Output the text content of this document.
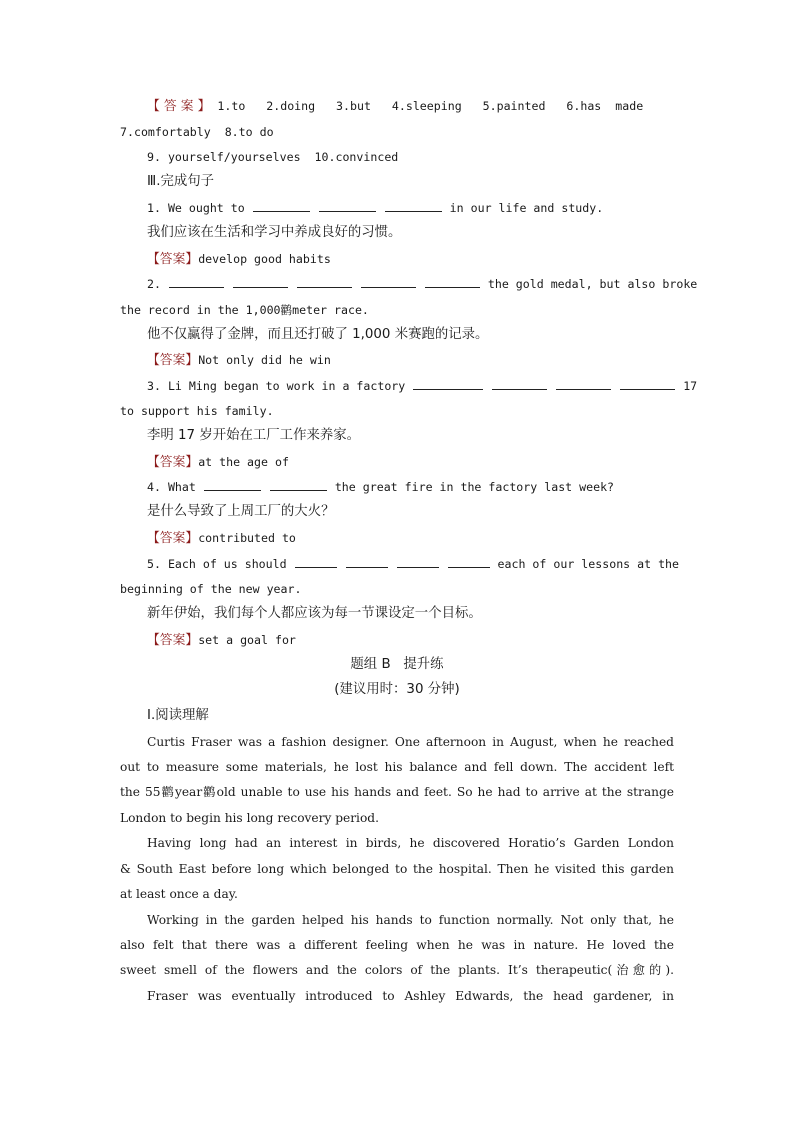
【 答 案 】 1.to   2.doing   3.but   4.sleeping   5.painted   6.has  made
7.comfortably  8.to do
9. yourself/yourselves  10.convinced
Ⅲ.完成句子
1. We ought to	in our life and study.
我们应该在生活和学习中养成良好的习惯。
【答案】develop good habits
2.	the gold medal, but also broke
the record in the 1,000鹳meter race.
他不仅赢得了金牌，而且还打破了 1,000 米赛跑的记录。
【答案】Not only did he win
3. Li Ming began to work in a factory	17
to support his family.
李明 17 岁开始在工厂工作来养家。
【答案】at the age of
4. What	the great fire in the factory last week?
是什么导致了上周工厂的大火？
【答案】contributed to
5. Each of us should	each of our lessons at the
beginning of the new year.
新年伊始，我们每个人都应该为每一节课设定一个目标。
【答案】set a goal for
题组 B   提升练
(建议用时：30 分钟)
Ⅰ.阅读理解
Curtis Fraser was a fashion designer. One afternoon in August, when he reached
out to measure some materials, he lost his balance and fell down. The accident left
the 55鹳year鹳old unable to use his hands and feet. So he had to arrive at the strange
London to begin his long recovery period.
Having long had an interest in birds, he discovered Horatio’s Garden London
& South East before long which belonged to the hospital. Then he visited this garden
at least once a day.
Working in the garden helped his hands to function normally. Not only that, he
also felt that there was a different feeling when he was in nature. He loved the
sweet smell of the flowers and the colors of the plants. It’s therapeutic(治愈的).
Fraser was eventually introduced to Ashley Edwards, the head gardener, in
